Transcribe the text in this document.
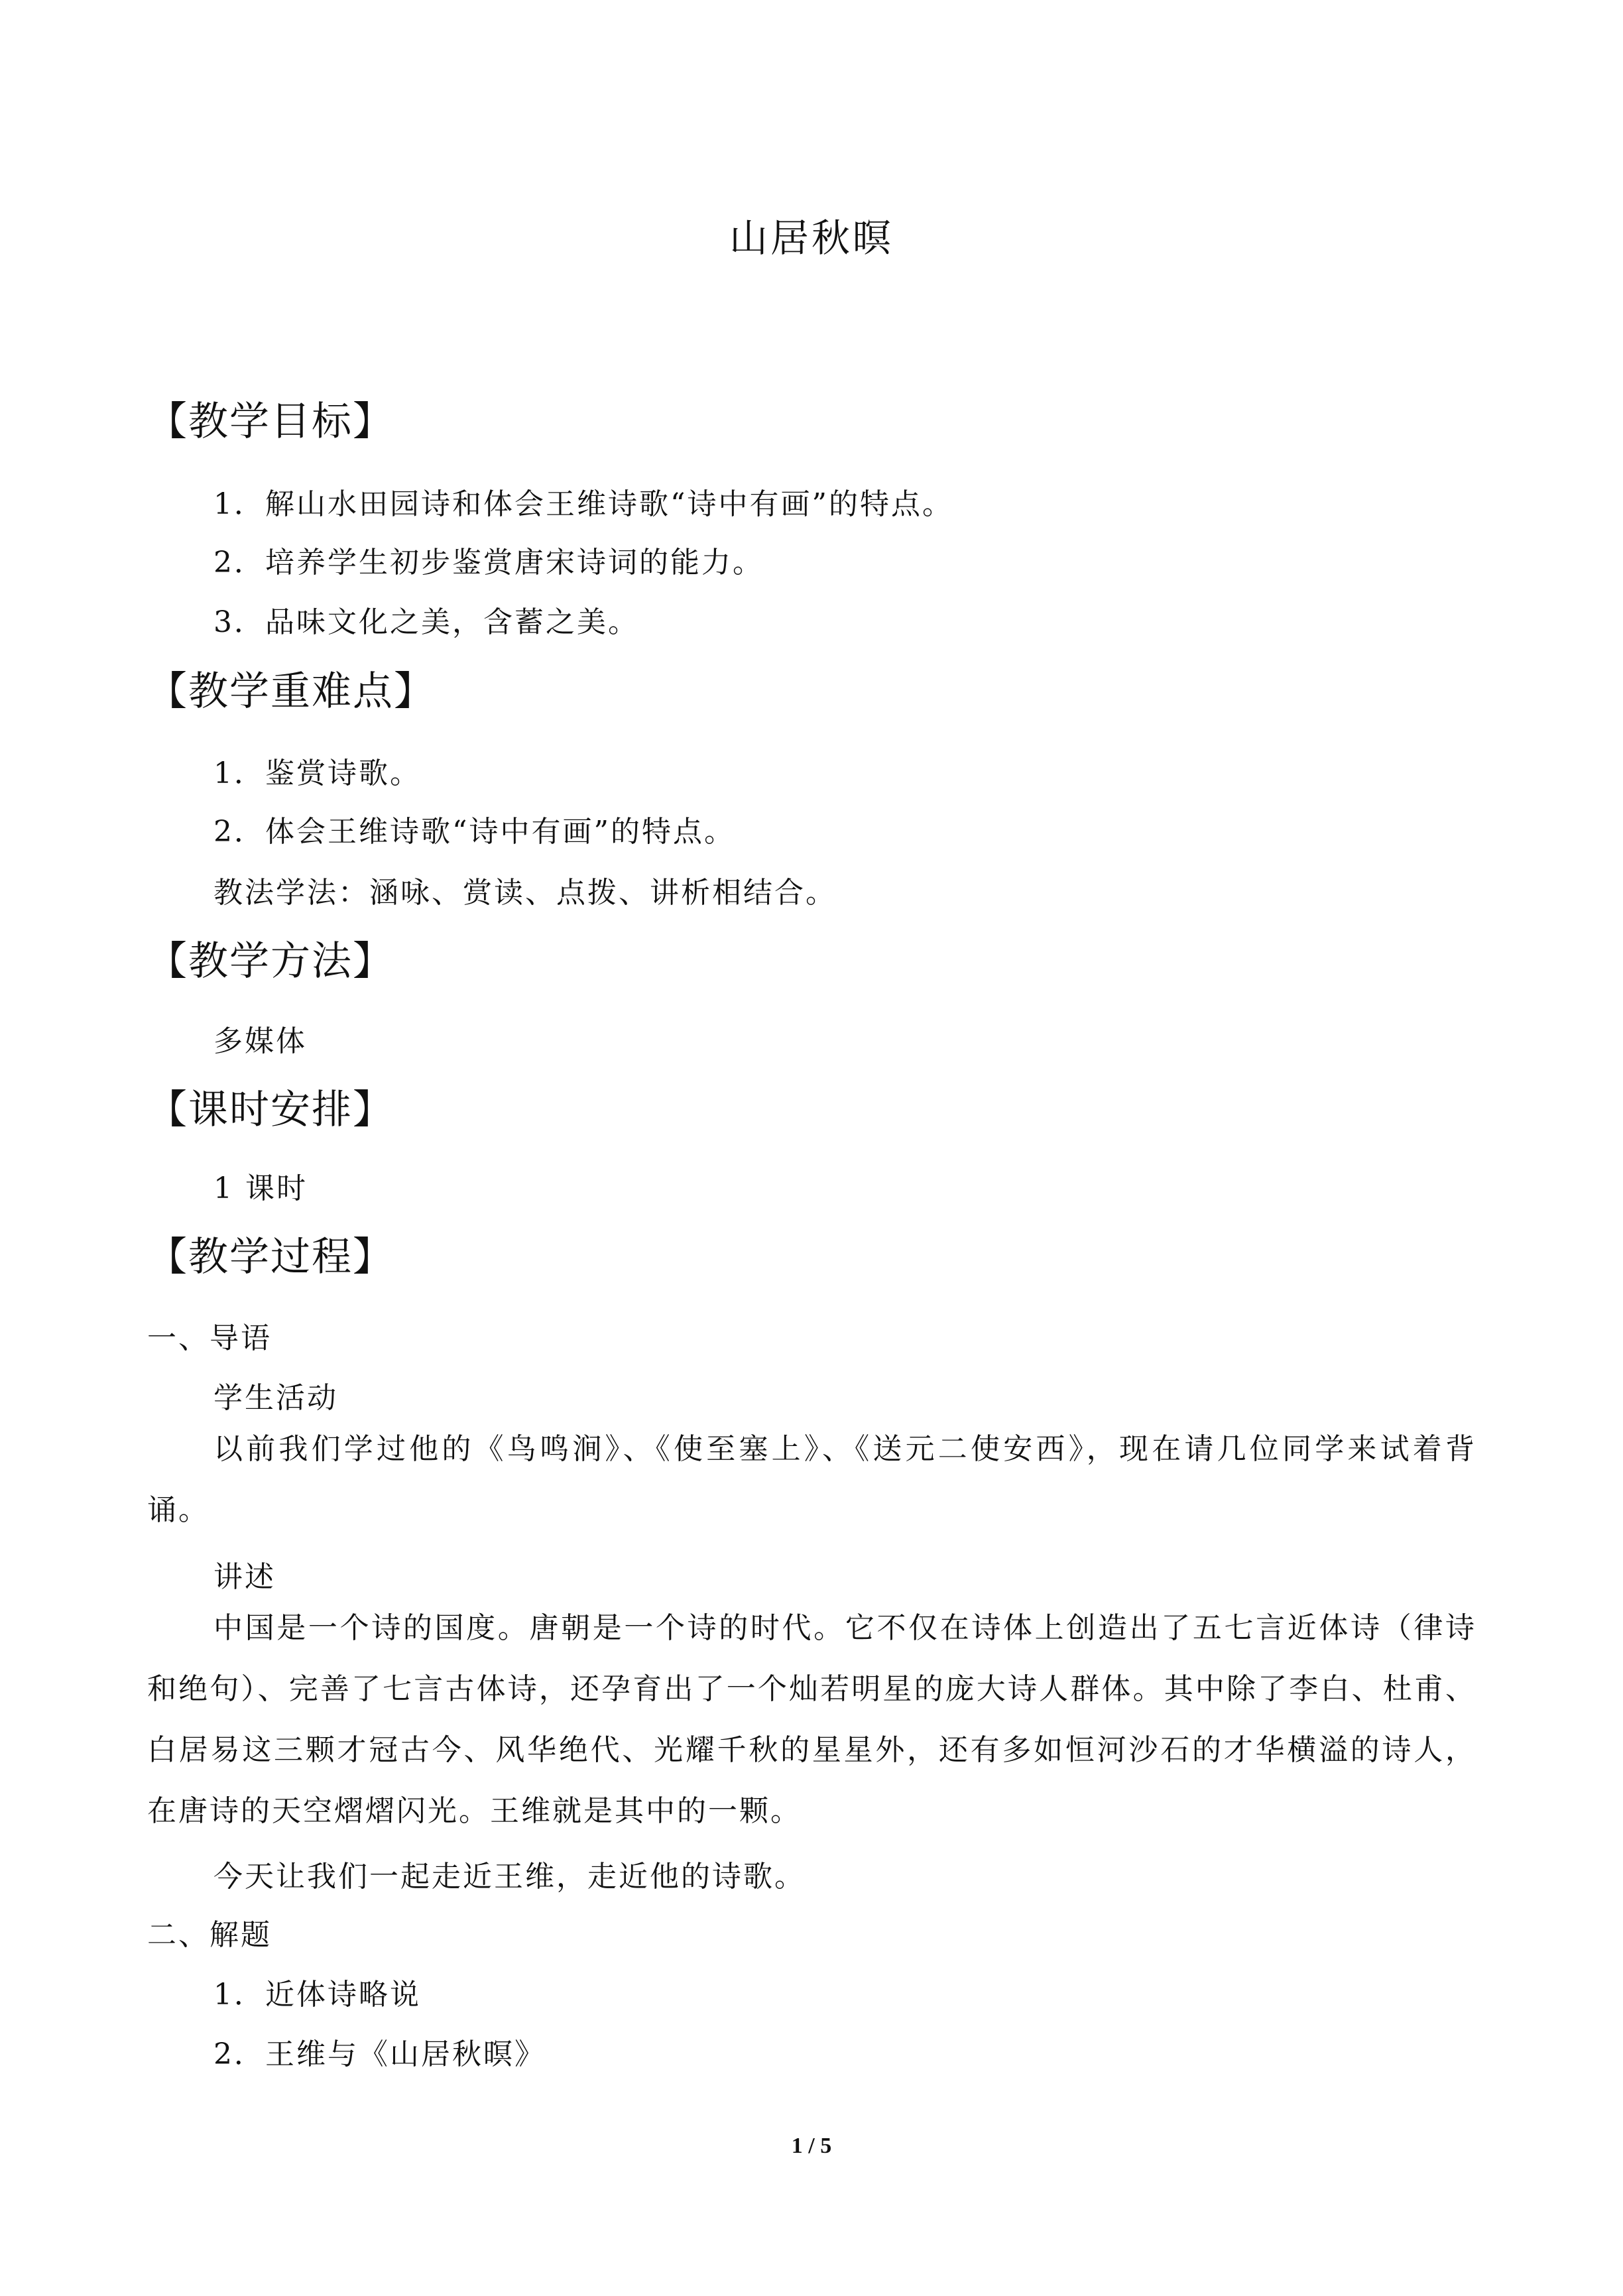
山居秋暝
【教学目标】
1．解山水田园诗和体会王维诗歌“诗中有画”的特点。
2．培养学生初步鉴赏唐宋诗词的能力。
3．品味文化之美，含蓄之美。
【教学重难点】
1．鉴赏诗歌。
2．体会王维诗歌“诗中有画”的特点。
教法学法：涵咏、赏读、点拨、讲析相结合。
【教学方法】
多媒体
【课时安排】
1 课时
【教学过程】
一、导语
学生活动
以前我们学过他的《鸟鸣涧》、《使至塞上》、《送元二使安西》，现在请几位同学来试着背诵。
讲述
中国是一个诗的国度。唐朝是一个诗的时代。它不仅在诗体上创造出了五七言近体诗（律诗和绝句）、完善了七言古体诗，还孕育出了一个灿若明星的庞大诗人群体。其中除了李白、杜甫、白居易这三颗才冠古今、风华绝代、光耀千秋的星星外，还有多如恒河沙石的才华横溢的诗人，在唐诗的天空熠熠闪光。王维就是其中的一颗。
今天让我们一起走近王维，走近他的诗歌。
二、解题
1．近体诗略说
2．王维与《山居秋暝》
1 / 5
